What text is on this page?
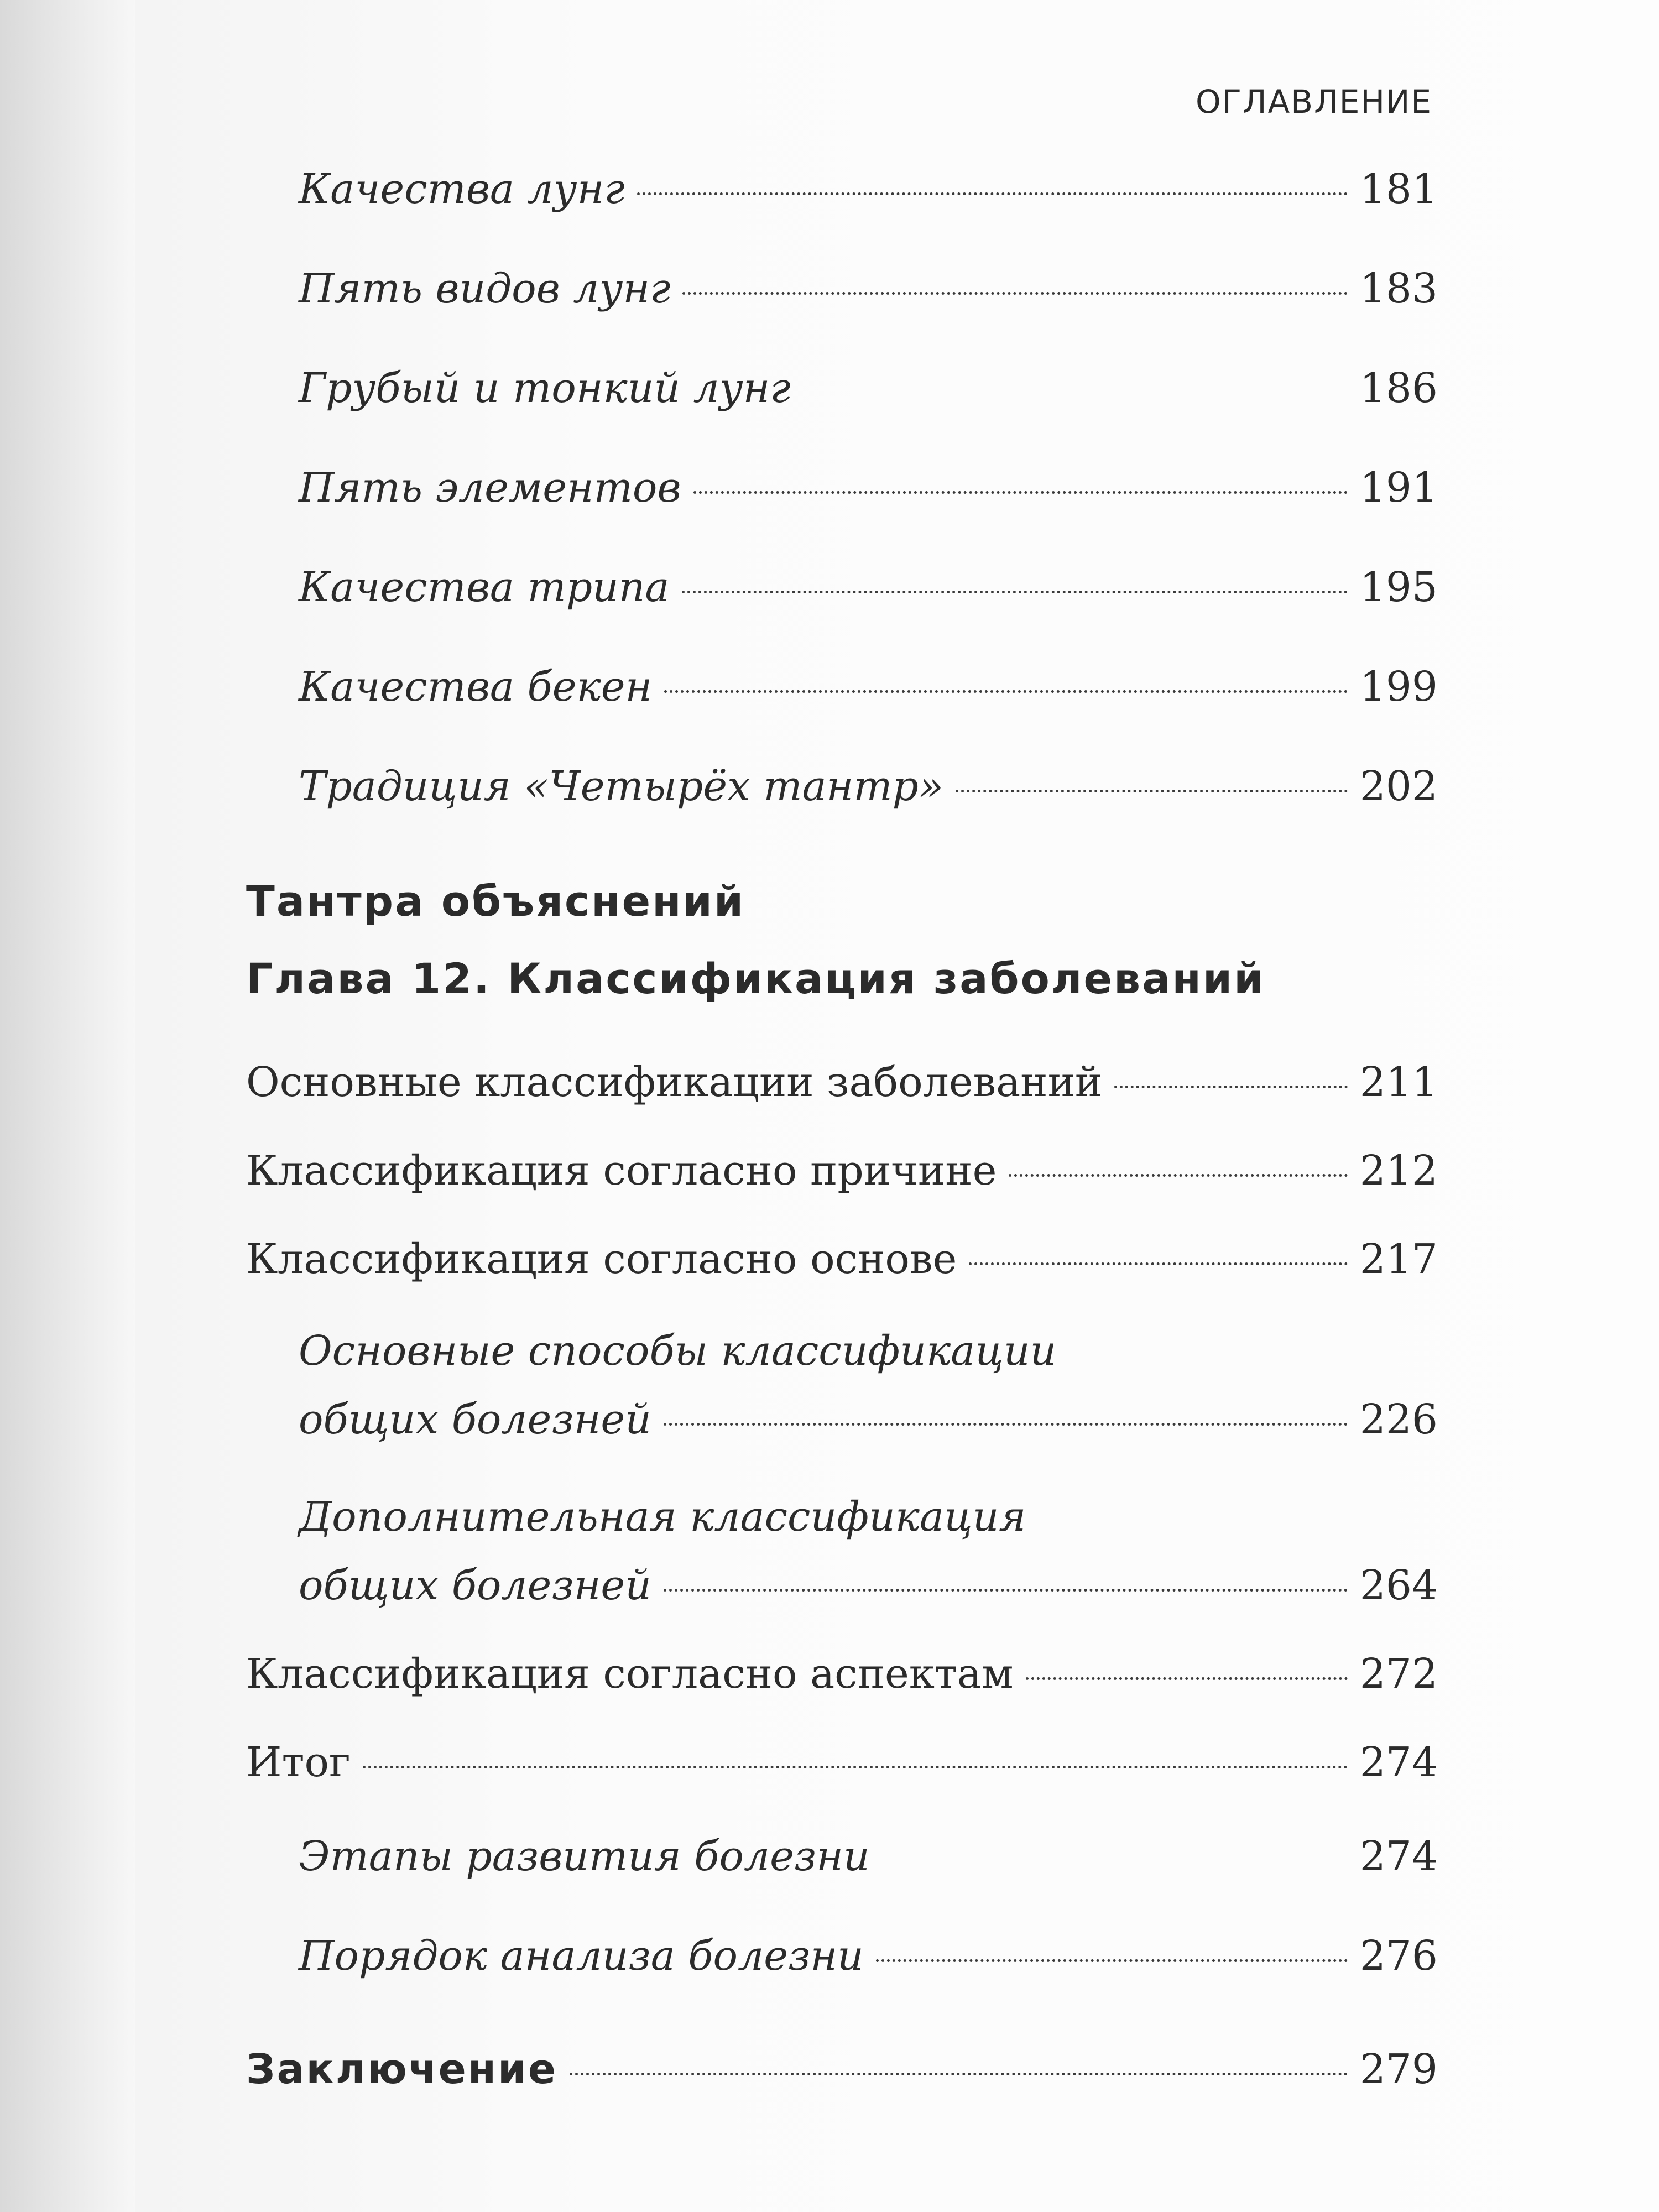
ОГЛАВЛЕНИЕ
Качества лунг	181
Пять видов лунг	183
Грубый и тонкий лунг	186
Пять элементов	191
Качества трипа	195
Качества бекен	199
Традиция «Четырёх тантр»	202
Тантра объяснений
Глава 12. Классификация заболеваний
Основные классификации заболеваний	211
Классификация согласно причине	212
Классификация согласно основе	217
Основные способы классификации
общих болезней	226
Дополнительная классификация
общих болезней	264
Классификация согласно аспектам	272
Итог	274
Этапы развития болезни	274
Порядок анализа болезни	276
Заключение	279
